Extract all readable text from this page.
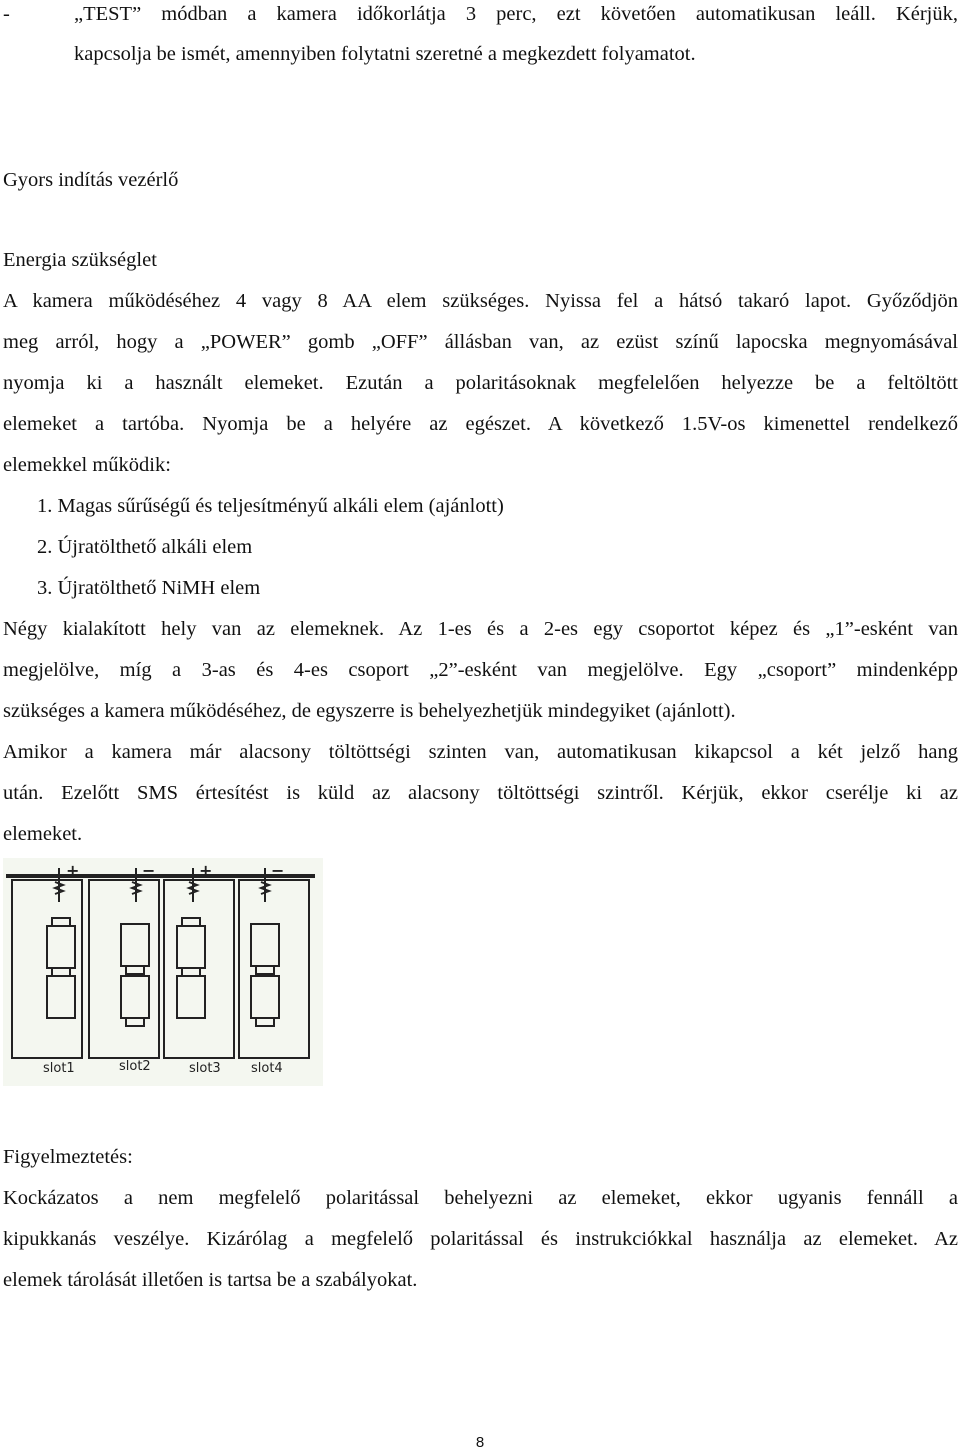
-	„TEST” módban a kamera időkorlátja 3 perc, ezt követően automatikusan leáll. Kérjük,
kapcsolja be ismét, amennyiben folytatni szeretné a megkezdett folyamatot.
Gyors indítás vezérlő
Energia szükséglet
A kamera működéséhez 4 vagy 8 AA elem szükséges. Nyissa fel a hátsó takaró lapot. Győződjön
meg arról, hogy a „POWER” gomb „OFF” állásban van, az ezüst színű lapocska megnyomásával
nyomja ki a használt elemeket. Ezután a polaritásoknak megfelelően helyezze be a feltöltött
elemeket a tartóba. Nyomja be a helyére az egészet. A következő 1.5V-os kimenettel rendelkező
elemekkel működik:
1. Magas sűrűségű és teljesítményű alkáli elem (ajánlott)
2. Újratölthető alkáli elem
3. Újratölthető NiMH elem
Négy kialakított hely van az elemeknek. Az 1-es és a 2-es egy csoportot képez és „1”-esként van
megjelölve, míg a 3-as és 4-es csoport „2”-esként van megjelölve. Egy „csoport” mindenképp
szükséges a kamera működéséhez, de egyszerre is behelyezhetjük mindegyiket (ajánlott).
Amikor a kamera már alacsony töltöttségi szinten van, automatikusan kikapcsol a két jelző hang
után. Ezelőtt SMS értesítést is küld az alacsony töltöttségi szintről. Kérjük, ekkor cserélje ki az
elemeket.
+	−	+	−
slot1	slot2	slot3 slot4
Figyelmeztetés:
Kockázatos a nem megfelelő polaritással behelyezni az elemeket, ekkor ugyanis fennáll a
kipukkanás veszélye. Kizárólag a megfelelő polaritással és instrukciókkal használja az elemeket. Az
elemek tárolását illetően is tartsa be a szabályokat.
8
